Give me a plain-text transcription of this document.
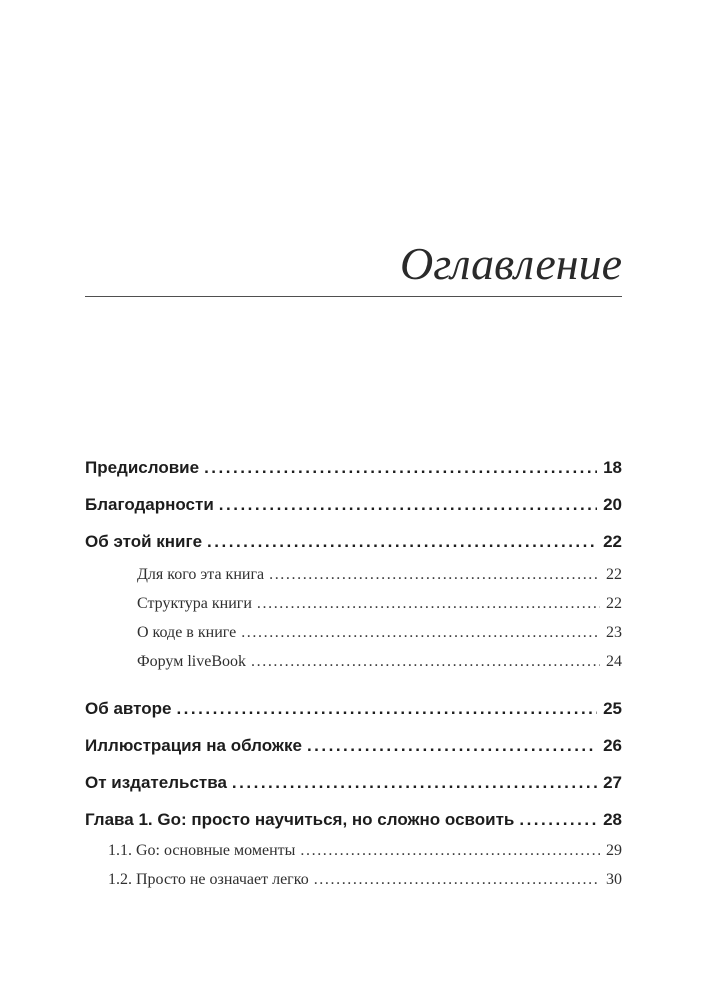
Оглавление
Предисловие .....	18
Благодарности .....	20
Об этой книге .....	22
Для кого эта книга .....	22
Структура книги .....	22
О коде в книге .....	23
Форум liveBook .....	24
Об авторе .....	25
Иллюстрация на обложке .....	26
От издательства .....	27
Глава 1. Go: просто научиться, но сложно освоить .....	28
1.1. Go: основные моменты .....	29
1.2. Просто не означает легко .....	30
